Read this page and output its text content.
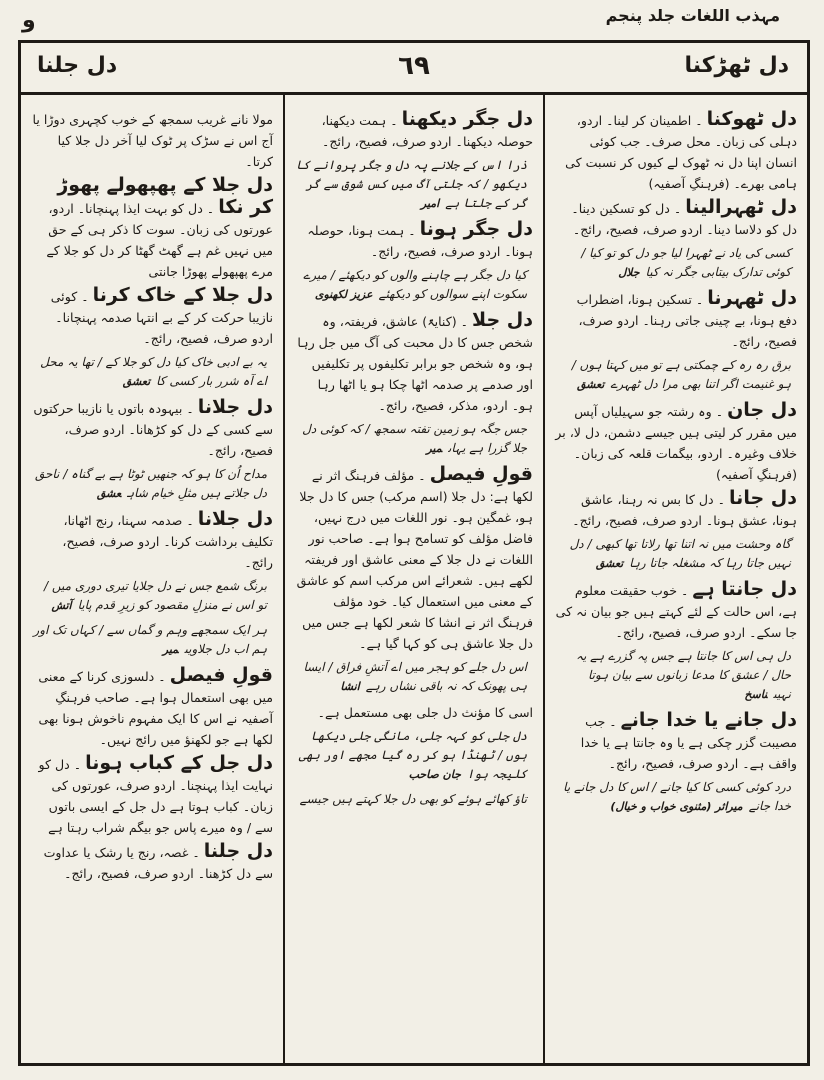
و	مہذب اللغات جلد پنجم
دل ٹھڑکنا
٦٩
دل جلنا
دل ٹھوکنا۔ اطمینان کر لینا۔ اردو، دہلی کی زبان۔ محل صرف۔ جب کوئی انسان اپنا دل نہ ٹھوک لے کیوں کر نسبت کی ہامی بھرے۔ (فرہنگِ آصفیہ)
دل ٹھہرالینا۔ دل کو تسکین دینا۔ دل کو دلاسا دینا۔ اردو صرف، فصیح، رائج۔
کسی کی یاد نے ٹھہرا لیا جو دل کو تو کیا / کوئی تدارک بیتابی جگر نہ کیاجلال
دل ٹھہرنا۔ تسکین ہونا، اضطراب دفع ہونا، بے چینی جاتی رہنا۔ اردو صرف، فصیح، رائج۔
برق رہ رہ کے چمکتی ہے تو میں کہتا ہوں / ہو غنیمت اگر اتنا بھی مرا دل ٹھہرےتعشق
دل جان۔ وہ رشتہ جو سہیلیاں آپس میں مقرر کر لیتی ہیں جیسے دشمن، دل لا، بر خلاف وغیرہ۔ اردو، بیگمات قلعہ کی زبان۔ (فرہنگِ آصفیہ)
دل جانا۔ دل کا بس نہ رہنا، عاشق ہونا، عشق ہونا۔ اردو صرف، فصیح، رائج۔
گاہ وحشت میں نہ اتنا تھا رلاتا تھا کبھی / دل نہیں جاتا رہا کہ مشغلہ جاتا رہاتعشق
دل جانتا ہے۔ خوب حقیقت معلوم ہے، اس حالت کے لئے کہتے ہیں جو بیان نہ کی جا سکے۔ اردو صرف، فصیح، رائج۔
دل ہی اس کا جانتا ہے جس پہ گزرے ہے یہ حال / عشق کا مدعا زبانوں سے بیان ہوتا نہیںناسخ
دل جانے یا خدا جانے۔ جب مصیبت گزر چکی ہے یا وہ جانتا ہے یا خدا واقف ہے۔ اردو صرف، فصیح، رائج۔
درد کوئی کسی کا کیا جانے / اس کا دل جانے یا خدا جانےمیراثر (مثنوی خواب و خیال)
دل جگر دیکھنا۔ ہمت دیکھنا، حوصلہ دیکھنا۔ اردو صرف، فصیح، رائج۔
ذرا اس کے جلانے پہ دل و جگر پروانے کا دیکھو / کہ جلتی آگ میں کس شوق سے گر گر کے جلتا ہےامیر
دل جگر ہونا۔ ہمت ہونا، حوصلہ ہونا۔ اردو صرف، فصیح، رائج۔
کیا دل جگر ہے چاہنے والوں کو دیکھئے / میرے سکوت اپنے سوالوں کو دیکھئےعزیز لکھنوی
دل جلا۔ (کنایۃً) عاشق، فریفتہ، وہ شخص جس کا دل محبت کی آگ میں جل رہا ہو، وہ شخص جو برابر تکلیفوں پر تکلیفیں اور صدمے پر صدمہ اٹھا چکا ہو یا اٹھا رہا ہو۔ اردو، مذکر، فصیح، رائج۔
جس جگہ ہو زمین تفتہ سمجھ / کہ کوئی دل جلا گزرا ہے یہاںمیر
قولِ فیصل۔ مؤلف فرہنگ اثر نے لکھا ہے: دل جلا (اسم مرکب) جس کا دل جلا ہو، غمگین ہو۔ نور اللغات میں درج نہیں، فاضل مؤلف کو تسامح ہوا ہے۔ صاحب نور اللغات نے دل جلا کے معنی عاشق اور فریفتہ لکھے ہیں۔ شعرائے اس مرکب اسم کو عاشق کے معنی میں استعمال کیا۔ خود مؤلف فرہنگ اثر نے انشا کا شعر لکھا ہے جس میں دل جلا عاشق ہی کو کہا گیا ہے۔
اس دل جلے کو ہجر میں اے آتشِ فراق / ایسا ہی پھونک کہ نہ باقی نشاں رہےانشا
اسی کا مؤنث دل جلی بھی مستعمل ہے۔
دل جلی کو کہہ جلی، مانگی جلی دیکھا ہوں / ٹھنڈا ہو کر رہ گیا مجھے اور بھی کلیجہ ہواجان صاحب
تاؤ کھائے ہوئے کو بھی دل جلا کہتے ہیں جیسے
مولا نانے غریب سمجھ کے خوب کچہری دوڑا یا آج اس نے سڑک پر ٹوک لیا آخر دل جلا کیا کرتا۔
دل جلا کے پھپھولے پھوڑ کر نکا۔ دل کو بہت ایذا پہنچانا۔ اردو، عورتوں کی زبان۔ سوت کا ذکر ہی کے حق میں نہیں غم ہے گھٹ گھٹا کر دل کو جلا کے مرے پھپھولے پھوڑا جانتی
دل جلا کے خاک کرنا۔ کوئی نازیبا حرکت کر کے بے انتہا صدمہ پہنچانا۔ اردو صرف، فصیح، رائج۔
یہ بے ادبی خاک کیا دل کو جلا کے / تھا یہ محل اے آہ شرر بار کسی کاتعشق
دل جلانا۔ بیہودہ باتوں یا نازیبا حرکتوں سے کسی کے دل کو کڑھانا۔ اردو صرف، فصیح، رائج۔
مداح اُن کا ہو کہ جنھیں ٹوٹا ہے بے گناہ / ناحق دل جلاتے ہیں مثلِ خیام شاہعشق
دل جلانا۔ صدمہ سہنا، رنج اٹھانا، تکلیف برداشت کرنا۔ اردو صرف، فصیح، رائج۔
برنگ شمع جس نے دل جلایا تیری دوری میں / تو اس نے منزلِ مقصود کو زیرِ قدم پایاآتش
ہر ایک سمجھے وہم و گماں سے / کہاں تک اور ہم اب دل جلاویںمیر
قولِ فیصل۔ دلسوزی کرنا کے معنی میں بھی استعمال ہوا ہے۔ صاحب فرہنگِ آصفیہ نے اس کا ایک مفہوم ناخوش ہونا بھی لکھا ہے جو لکھنؤ میں رائج نہیں۔
دل جل کے کباب ہونا۔ دل کو نہایت ایذا پہنچنا۔ اردو صرف، عورتوں کی زبان۔ کباب ہوتا ہے دل جل کے ایسی باتوں سے / وہ میرے پاس جو بیگم شراب رہتا ہے
دل جلنا۔ غصہ، رنج یا رشک یا عداوت سے دل کڑھنا۔ اردو صرف، فصیح، رائج۔
